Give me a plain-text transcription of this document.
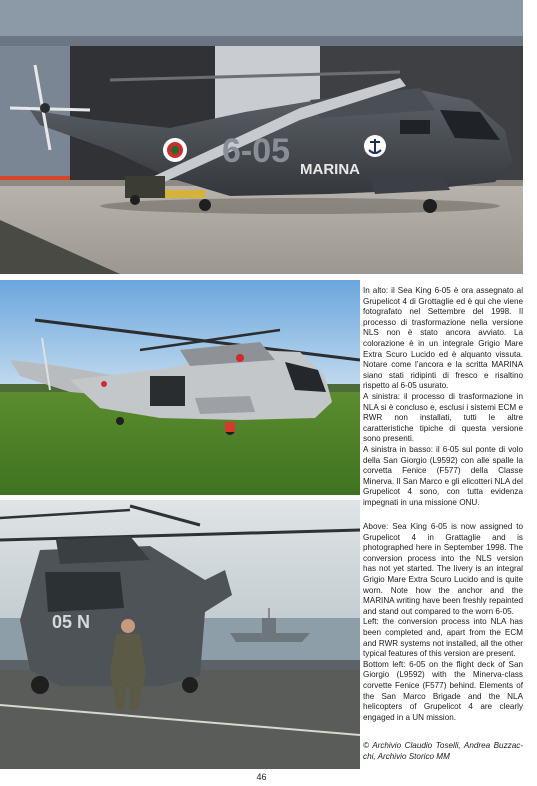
6-05 MARINA
05 N

In alto: il Sea King 6-05 è ora assegnato al Grupelicot 4 di Grottaglie ed è qui che viene fotografato nel Settembre del 1998. Il processo di trasformazione nella versione NLS non è stato ancora avviato. La colorazione è in un integrale Grigio Mare Extra Scuro Lucido ed è alquanto vissuta. Notare come l’ancora e la scritta MARINA siano stati ridipinti di fresco e risaltino rispetto al 6-05 usurato.

A sinistra: il processo di trasformazione in NLA si è concluso e, esclusi i sistemi ECM e RWR non installati, tutti le altre caratteristiche tipiche di questa versione sono presenti.

A sinistra in basso: il 6-05 sul ponte di volo della San Giorgio (L9592) con alle spalle la corvetta Fenice (F577) della Classe Minerva. Il San Marco e gli elicotteri NLA del Grupelicot 4 sono, con tutta evidenza impegnati in una missione ONU.

Above: Sea King 6-05 is now assigned to Grupelicot 4 in Grattaglie and is photographed here in September 1998. The conversion process into the NLS version has not yet started. The livery is an integral Grigio Mare Extra Scuro Lucido and is quite worn. Note how the anchor and the MARINA writing have been freshly repainted and stand out compared to the worn 6-05.

Left: the conversion process into NLA has been completed and, apart from the ECM and RWR systems not installed, all the other typical features of this version are present.

Bottom left: 6-05 on the flight deck of San Giorgio (L9592) with the Minerva-class corvette Fenice (F577) behind. Elements of the San Marco Brigade and the NLA helicopters of Grupelicot 4 are clearly engaged in a UN mission.

© Archivio Claudio Toselli, Andrea Buzzac-chi, Archivio Storico MM
46
